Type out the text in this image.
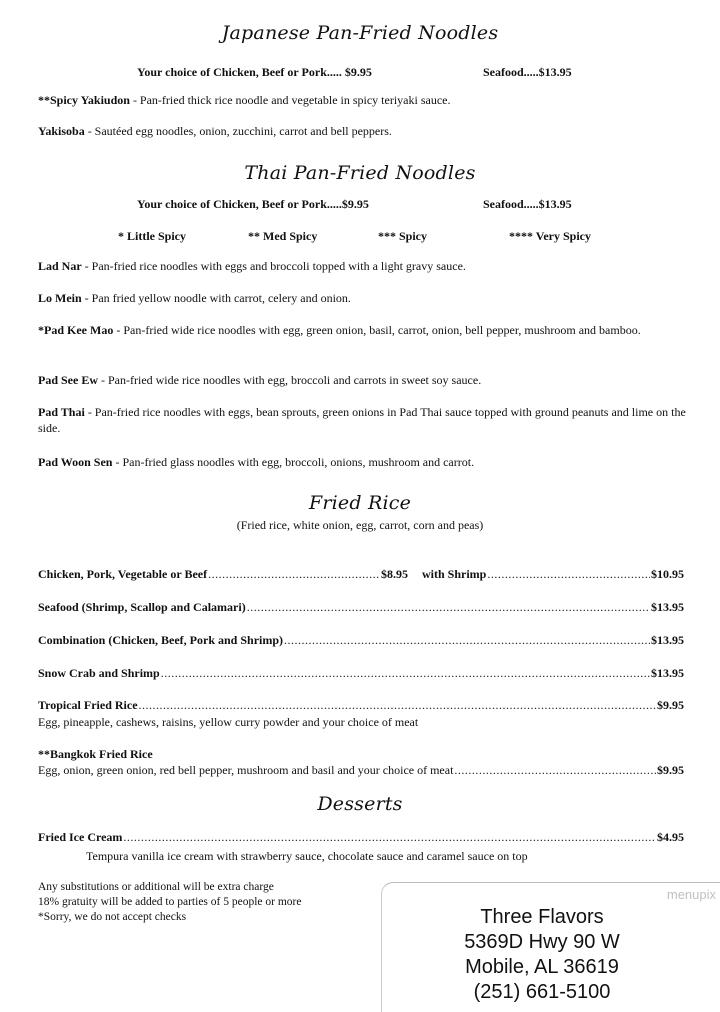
Japanese Pan-Fried Noodles
Your choice of Chicken, Beef or Pork..... $9.95	Seafood.....$13.95
**Spicy Yakiudon - Pan-fried thick rice noodle and vegetable in spicy teriyaki sauce.
Yakisoba - Sautéed egg noodles, onion, zucchini, carrot and bell peppers.
Thai Pan-Fried Noodles
Your choice of Chicken, Beef or Pork.....$9.95	Seafood.....$13.95
* Little Spicy	** Med Spicy	*** Spicy	**** Very Spicy
Lad Nar - Pan-fried rice noodles with eggs and broccoli topped with a light gravy sauce.
Lo Mein - Pan fried yellow noodle with carrot, celery and onion.
*Pad Kee Mao - Pan-fried wide rice noodles with egg, green onion, basil, carrot, onion, bell pepper, mushroom and bamboo.
Pad See Ew - Pan-fried wide rice noodles with egg, broccoli and carrots in sweet soy sauce.
Pad Thai - Pan-fried rice noodles with eggs, bean sprouts, green onions in Pad Thai sauce topped with ground peanuts and lime on the side.
Pad Woon Sen - Pan-fried glass noodles with egg, broccoli, onions, mushroom and carrot.
Fried Rice
(Fried rice, white onion, egg, carrot, corn and peas)
Chicken, Pork, Vegetable or Beef .....	$8.95 with Shrimp .....	$10.95
Seafood (Shrimp, Scallop and Calamari) .....	$13.95
Combination (Chicken, Beef, Pork and Shrimp) .....	$13.95
Snow Crab and Shrimp .....	$13.95
Tropical Fried Rice .....	$9.95
Egg, pineapple, cashews, raisins, yellow curry powder and your choice of meat
**Bangkok Fried Rice
Egg, onion, green onion, red bell pepper, mushroom and basil and your choice of meat .....	$9.95
Desserts
Fried Ice Cream .....	$4.95
Tempura vanilla ice cream with strawberry sauce, chocolate sauce and caramel sauce on top
Any substitutions or additional will be extra charge
18% gratuity will be added to parties of 5 people or more
*Sorry, we do not accept checks	Three Flavors
5369D Hwy 90 W
Mobile, AL 36619
(251) 661-5100
menupix
